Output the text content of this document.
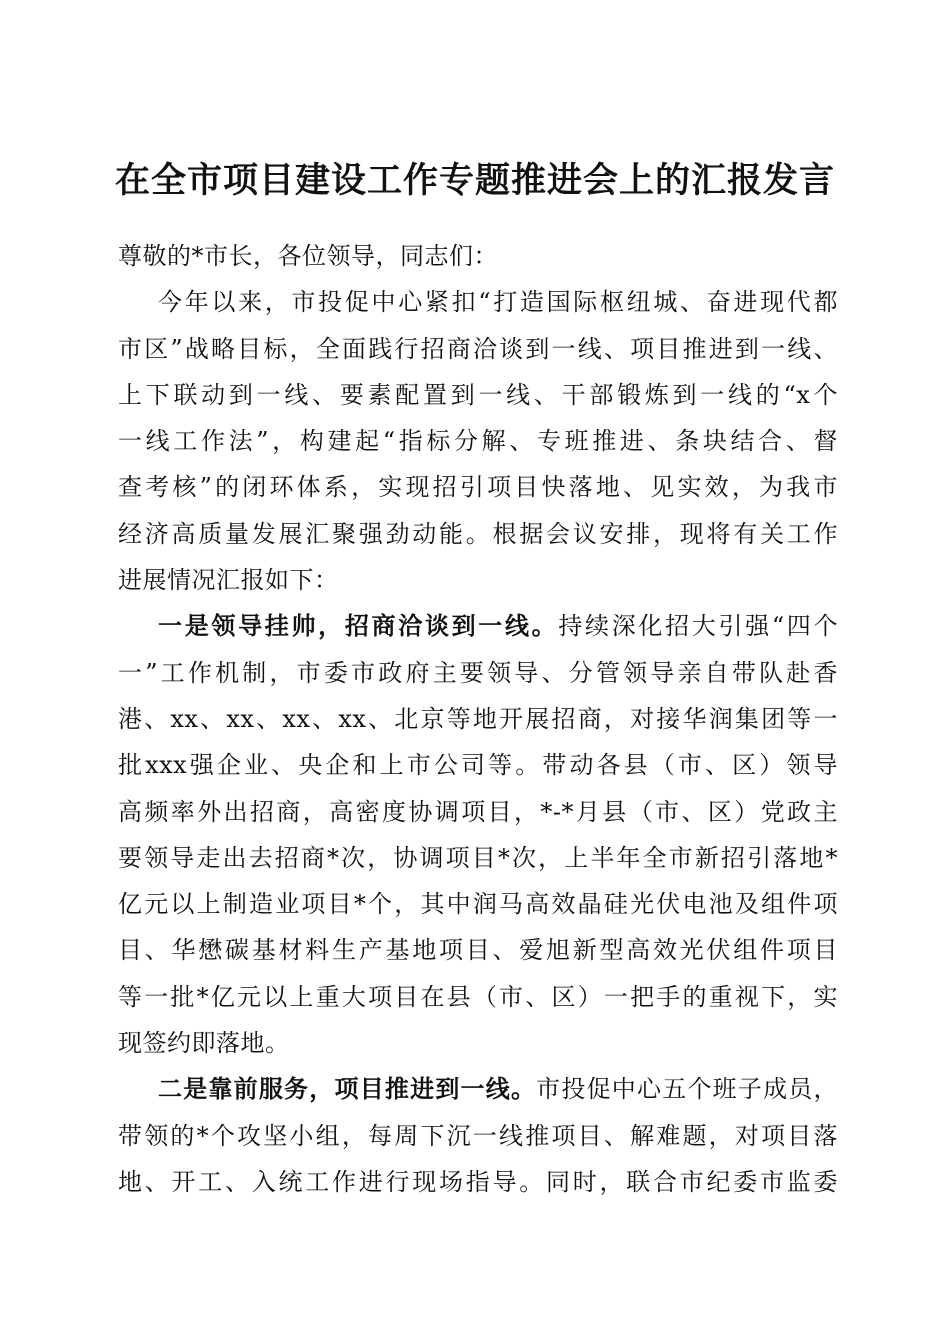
在全市项目建设工作专题推进会上的汇报发言
尊敬的*市长，各位领导，同志们：
今年以来，市投促中心紧扣“打造国际枢纽城、奋进现代都
市区”战略目标，全面践行招商洽谈到一线、项目推进到一线、
上下联动到一线、要素配置到一线、干部锻炼到一线的“x个
一线工作法”，构建起“指标分解、专班推进、条块结合、督
查考核”的闭环体系，实现招引项目快落地、见实效，为我市
经济高质量发展汇聚强劲动能。根据会议安排，现将有关工作
进展情况汇报如下：
一是领导挂帅，招商洽谈到一线。持续深化招大引强“四个
一”工作机制，市委市政府主要领导、分管领导亲自带队赴香
港、xx、xx、xx、xx、北京等地开展招商，对接华润集团等一
批xxx强企业、央企和上市公司等。带动各县（市、区）领导
高频率外出招商，高密度协调项目，*-*月县（市、区）党政主
要领导走出去招商*次，协调项目*次，上半年全市新招引落地*
亿元以上制造业项目*个，其中润马高效晶硅光伏电池及组件项
目、华懋碳基材料生产基地项目、爱旭新型高效光伏组件项目
等一批*亿元以上重大项目在县（市、区）一把手的重视下，实
现签约即落地。
二是靠前服务，项目推进到一线。市投促中心五个班子成员，
带领的*个攻坚小组，每周下沉一线推项目、解难题，对项目落
地、开工、入统工作进行现场指导。同时，联合市纪委市监委
